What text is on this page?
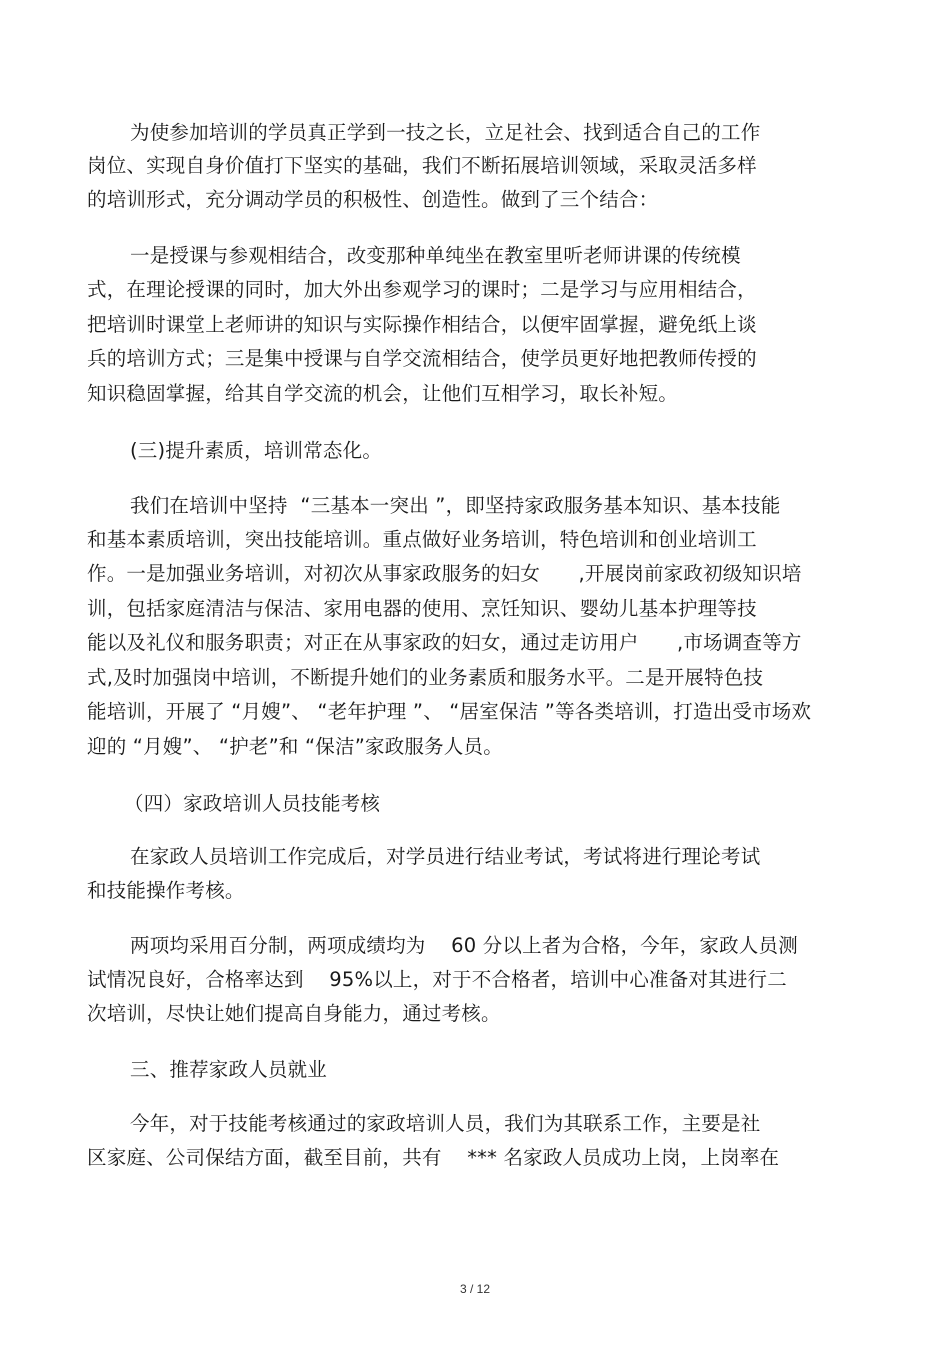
为使参加培训的学员真正学到一技之长，立足社会、找到适合自己的工作
岗位、实现自身价值打下坚实的基础，我们不断拓展培训领域，采取灵活多样
的培训形式，充分调动学员的积极性、创造性。做到了三个结合：
一是授课与参观相结合，改变那种单纯坐在教室里听老师讲课的传统模
式，在理论授课的同时，加大外出参观学习的课时；二是学习与应用相结合，
把培训时课堂上老师讲的知识与实际操作相结合，以便牢固掌握，避免纸上谈
兵的培训方式；三是集中授课与自学交流相结合，使学员更好地把教师传授的
知识稳固掌握，给其自学交流的机会，让他们互相学习，取长补短。
(三)提升素质，培训常态化。
我们在培训中坚持  “三基本一突出 ”，即坚持家政服务基本知识、基本技能
和基本素质培训，突出技能培训。重点做好业务培训，特色培训和创业培训工
作。一是加强业务培训，对初次从事家政服务的妇女      ,开展岗前家政初级知识培
训，包括家庭清洁与保洁、家用电器的使用、烹饪知识、婴幼儿基本护理等技
能以及礼仪和服务职责；对正在从事家政的妇女，通过走访用户      ,市场调查等方
式,及时加强岗中培训，不断提升她们的业务素质和服务水平。二是开展特色技
能培训，开展了 “月嫂”、 “老年护理 ”、 “居室保洁 ”等各类培训，打造出受市场欢
迎的 “月嫂”、 “护老”和 “保洁”家政服务人员。
（四）家政培训人员技能考核
在家政人员培训工作完成后，对学员进行结业考试，考试将进行理论考试
和技能操作考核。
两项均采用百分制，两项成绩均为    60 分以上者为合格，今年，家政人员测
试情况良好，合格率达到    95%以上，对于不合格者，培训中心准备对其进行二
次培训，尽快让她们提高自身能力，通过考核。
三、推荐家政人员就业
今年，对于技能考核通过的家政培训人员，我们为其联系工作，主要是社
区家庭、公司保结方面，截至目前，共有    *** 名家政人员成功上岗，上岗率在
3 / 12
